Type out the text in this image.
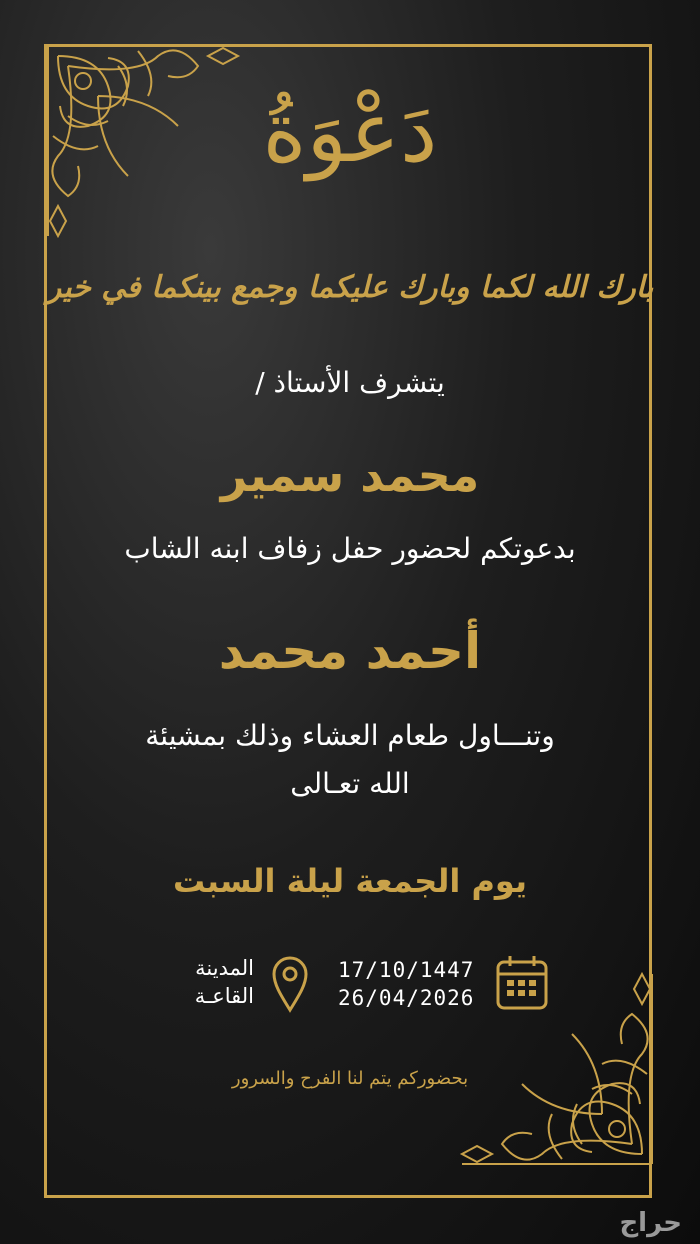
دَعْوَةُ
بارك الله لكما وبارك عليكما وجمع بينكما في خير
يتشرف الأستاذ /
محمد سمير
بدعوتكم لحضور حفل زفاف ابنه الشاب
أحمد محمد
وتنـــاول طعام العشاء وذلك بمشيئة
الله تعـالى
يوم الجمعة ليلة السبت
17/10/1447
26/04/2026
المدينة
القاعـة
بحضوركم يتم لنا الفرح والسرور
حراج
